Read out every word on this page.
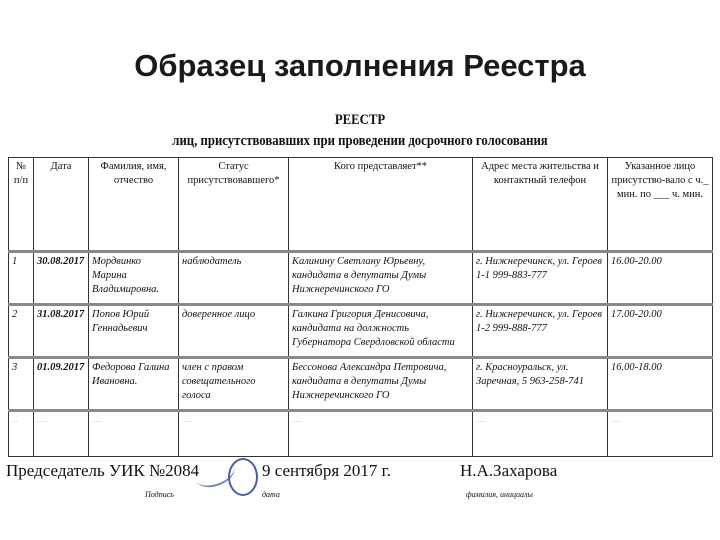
Образец заполнения Реестра
РЕЕСТР
лиц, присутствовавших при проведении досрочного голосования
№ п/п	Дата	Фамилия, имя, отчество	Статус присутствовавшего*	Кого представляет**	Адрес места жительства и контактный телефон	Указанное лицо присутство-вало с ч._ мин. по ___ ч. мин.
1	30.08.2017	Мордвинко Марина Владимировна.	наблюдатель	Калинину Светлану Юрьевну, кандидата в депутаты Думы Нижнеречинского ГО	г. Нижнеречинск, ул. Героев 1-1 999-883-777	16.00-20.00
2	31.08.2017	Попов Юрий Геннадьевич	доверенное лицо	Галкина Григория Денисовича, кандидата на должность Губернатора Свердловской области	г. Нижнеречинск, ул. Героев 1-2 999-888-777	17.00-20.00
3	01.09.2017	Федорова Галина Ивановна.	член с правом совещательного голоса	Бессонова Александра Петровича, кандидата в депутаты Думы Нижнеречинского ГО	г. Красноуральск, ул. Заречная, 5 963-258-741	16.00-18.00
…	……	……	……	……	……	……
Председатель УИК №2084	9 сентября 2017 г.	Н.А.Захарова
Подпись	дата	фамилия, инициалы
